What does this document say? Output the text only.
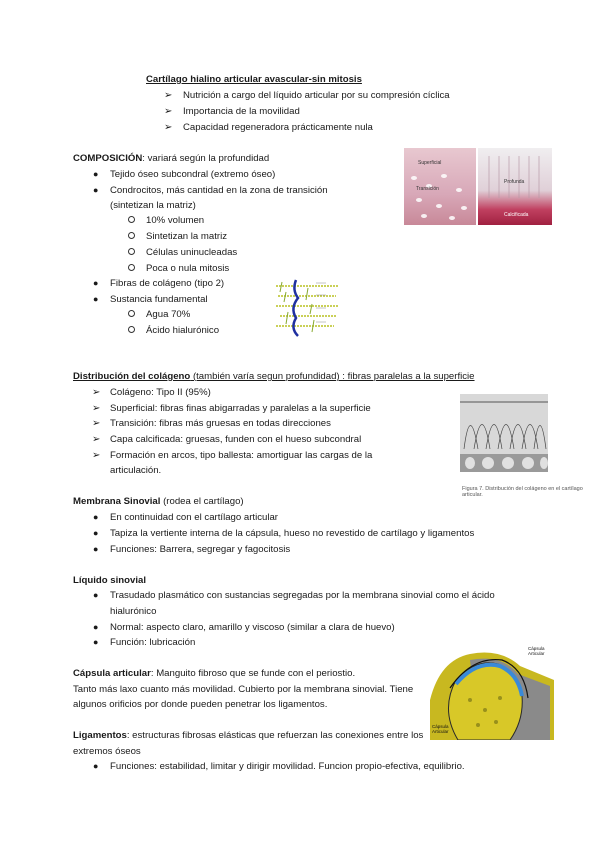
Cartílago hialino articular avascular-sin mitosis
➢ Nutrición a cargo del líquido articular por su compresión cíclica
➢ Importancia de la movilidad
➢ Capacidad regeneradora prácticamente nula
COMPOSICIÓN: variará según la profundidad
● Tejido óseo subcondral (extremo óseo)
● Condrocitos, más cantidad en la zona de transición
(sintetizan la matriz)
10% volumen
Sintetizan la matriz
Células uninucleadas
Poca o nula mitosis
● Fibras de colágeno (tipo 2)
● Sustancia fundamental
Agua 70%
Ácido hialurónico
Superficial
Transición
Profunda
Calcificada
Distribución del colágeno (también varía segun profundidad) : fibras paralelas a la superficie
➢ Colágeno: Tipo II (95%)
➢ Superficial: fibras finas abigarradas y paralelas a la superficie
➢ Transición: fibras más gruesas en todas direcciones
➢ Capa calcificada: gruesas, funden con el hueso subcondral
➢ Formación en arcos, tipo ballesta: amortiguar las cargas de la
articulación.
Figura 7. Distribución del colágeno en el cartílago
articular.
Membrana Sinovial (rodea el cartílago)
● En continuidad con el cartílago articular
● Tapiza la vertiente interna de la cápsula, hueso no revestido de cartílago y ligamentos
● Funciones: Barrera, segregar y fagocitosis
Líquido sinovial
● Trasudado plasmático con sustancias segregadas por la membrana sinovial como el ácido
hialurónico
● Normal: aspecto claro, amarillo y viscoso (similar a clara de huevo)
● Función: lubricación
Cápsula articular: Manguito fibroso que se funde con el periostio.
Tanto más laxo cuanto más movilidad. Cubierto por la membrana sinovial. Tiene
algunos orificios por donde pueden penetrar los ligamentos.
Cápsula
Articular
Cápsula
Articular
Ligamentos: estructuras fibrosas elásticas que refuerzan las conexiones entre los
extremos óseos
● Funciones: estabilidad, limitar y dirigir movilidad. Funcion propio-efectiva, equilibrio.
